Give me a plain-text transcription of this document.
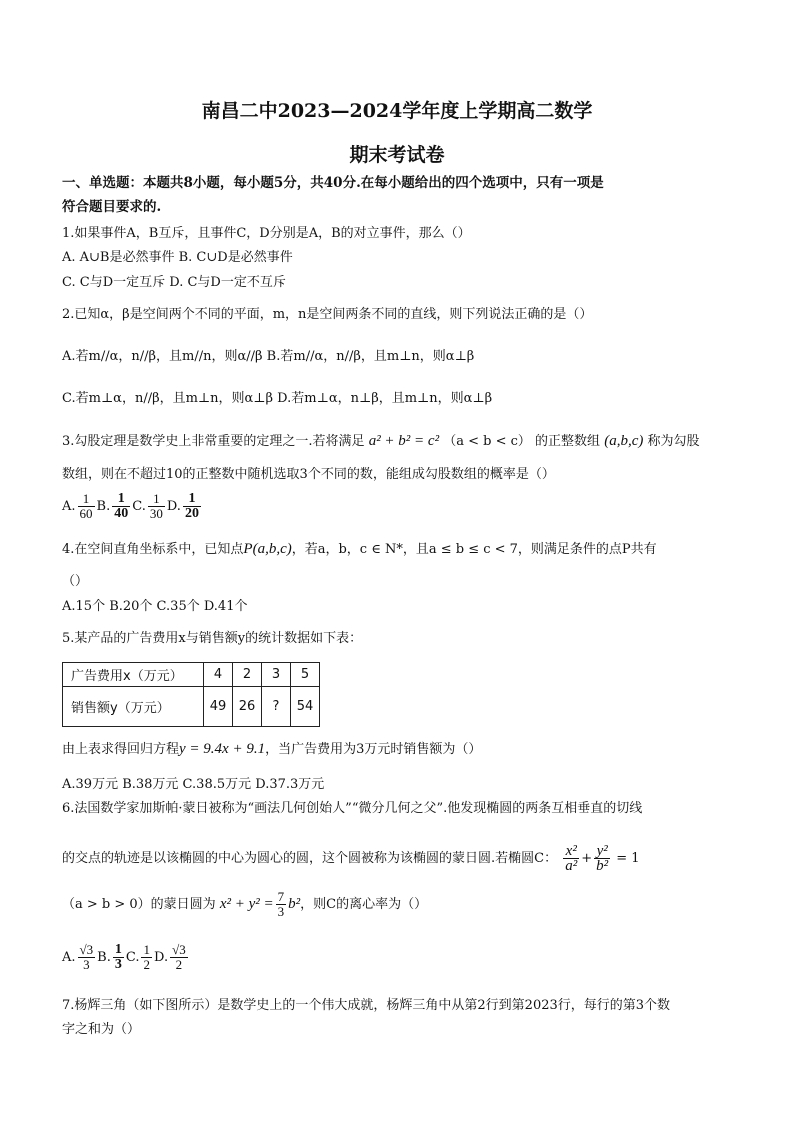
南昌二中2023—2024学年度上学期高二数学
期末考试卷
一、单选题：本题共8小题，每小题5分，共40分.在每小题给出的四个选项中，只有一项是
符合题目要求的.
1.如果事件A，B互斥，且事件C，D分别是A，B的对立事件，那么（）
A. A∪B是必然事件 B. C∪D是必然事件
C. C与D一定互斥 D. C与D一定不互斥
2.已知α，β是空间两个不同的平面，m，n是空间两条不同的直线，则下列说法正确的是（）
A.若m//α，n//β，且m//n，则α//β B.若m//α，n//β，且m⊥n，则α⊥β
C.若m⊥α，n//β，且m⊥n，则α⊥β D.若m⊥α，n⊥β，且m⊥n，则α⊥β
3.勾股定理是数学史上非常重要的定理之一.若将满足 a² + b² = c² （a < b < c） 的正整数组 (a,b,c) 称为勾股
数组，则在不超过10的正整数中随机选取3个不同的数，能组成勾股数组的概率是（）
A. $\frac{1}{60} B$. $\frac{1}{40} C$. $\frac{1}{30} D$. $\frac{1}{20}$
4.在空间直角坐标系中，已知点P(a,b,c)，若a，b，c ∈ N*，且a ≤ b ≤ c < 7，则满足条件的点P共有
（）
A.15个 B.20个 C.35个 D.41个
5.某产品的广告费用x与销售额y的统计数据如下表：
广告费用x（万元）	4	2	3	5
销售额y（万元）	49	26	?	54
由上表求得回归方程y = 9.4x + 9.1，当广告费用为3万元时销售额为（）
A.39万元 B.38万元 C.38.5万元 D.37.3万元
6.法国数学家加斯帕·蒙日被称为“画法几何创始人”“微分几何之父”.他发现椭圆的两条互相垂直的切线
的交点的轨迹是以该椭圆的中心为圆心的圆，这个圆被称为该椭圆的蒙日圆.若椭圆C： $\frac{\text{x²}}{\text{a²}} + \frac{\text{y²}}{\text{b²}} = 1$
（a > b > 0）的蒙日圆为 $x^2 + y^2 = \frac{7}{3} b^2$，则C的离心率为（）
A. $\frac{√3}{3} B$. $\frac{1}{3} C$. $\frac{1}{2} D$. $\frac{√3}{2}$
7.杨辉三角（如下图所示）是数学史上的一个伟大成就，杨辉三角中从第2行到第2023行，每行的第3个数
字之和为（）
